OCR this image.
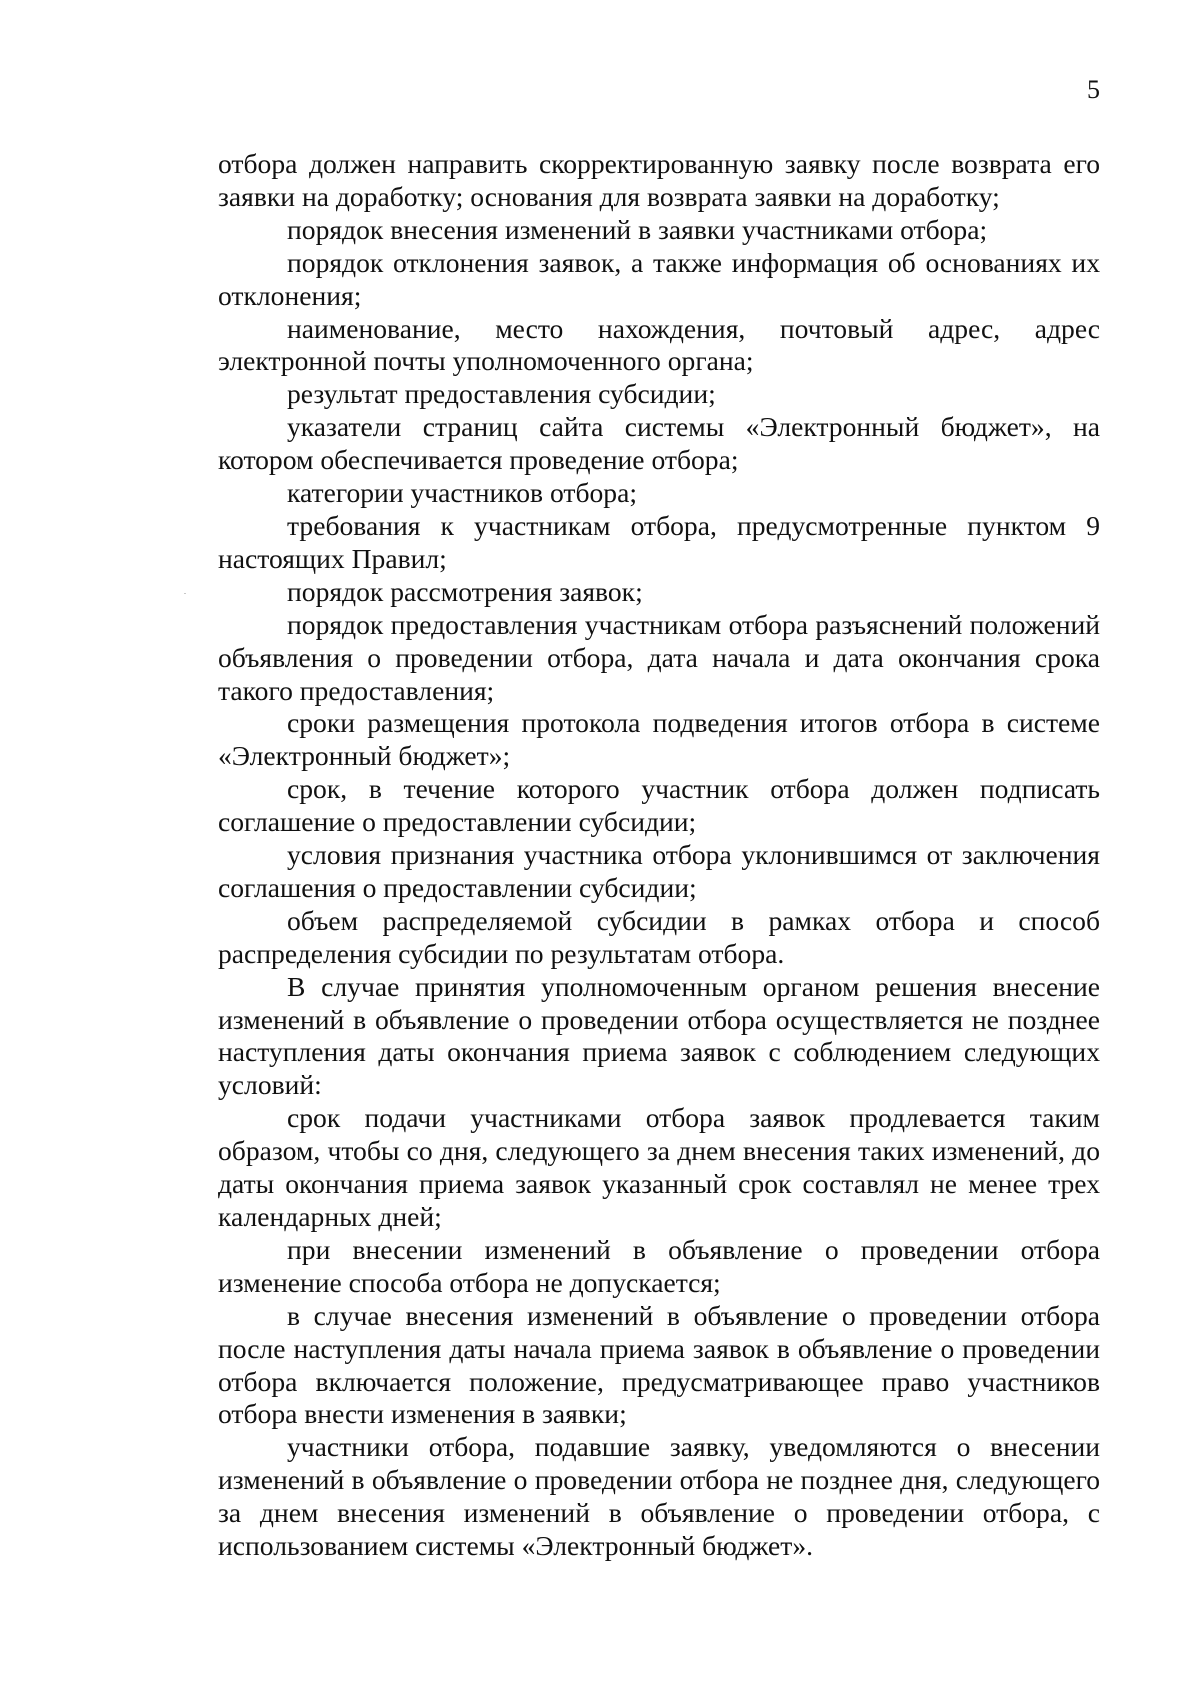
5

отбора должен направить скорректированную заявку после возврата его заявки на доработку; основания для возврата заявки на доработку;

порядок внесения изменений в заявки участниками отбора;

порядок отклонения заявок, а также информация об основаниях их отклонения;

наименование, место нахождения, почтовый адрес, адрес электронной почты уполномоченного органа;

результат предоставления субсидии;

указатели страниц сайта системы «Электронный бюджет», на котором обеспечивается проведение отбора;

категории участников отбора;

требования к участникам отбора, предусмотренные пунктом 9 настоящих Правил;

порядок рассмотрения заявок;

порядок предоставления участникам отбора разъяснений положений объявления о проведении отбора, дата начала и дата окончания срока такого предоставления;

сроки размещения протокола подведения итогов отбора в системе «Электронный бюджет»;

срок, в течение которого участник отбора должен подписать соглашение о предоставлении субсидии;

условия признания участника отбора уклонившимся от заключения соглашения о предоставлении субсидии;

объем распределяемой субсидии в рамках отбора и способ распределения субсидии по результатам отбора.

В случае принятия уполномоченным органом решения внесение изменений в объявление о проведении отбора осуществляется не позднее наступления даты окончания приема заявок с соблюдением следующих условий:

срок подачи участниками отбора заявок продлевается таким образом, чтобы со дня, следующего за днем внесения таких изменений, до даты окончания приема заявок указанный срок составлял не менее трех календарных дней;

при внесении изменений в объявление о проведении отбора изменение способа отбора не допускается;

в случае внесения изменений в объявление о проведении отбора после наступления даты начала приема заявок в объявление о проведении отбора включается положение, предусматривающее право участников отбора внести изменения в заявки;

участники отбора, подавшие заявку, уведомляются о внесении изменений в объявление о проведении отбора не позднее дня, следующего за днем внесения изменений в объявление о проведении отбора, с использованием системы «Электронный бюджет».
